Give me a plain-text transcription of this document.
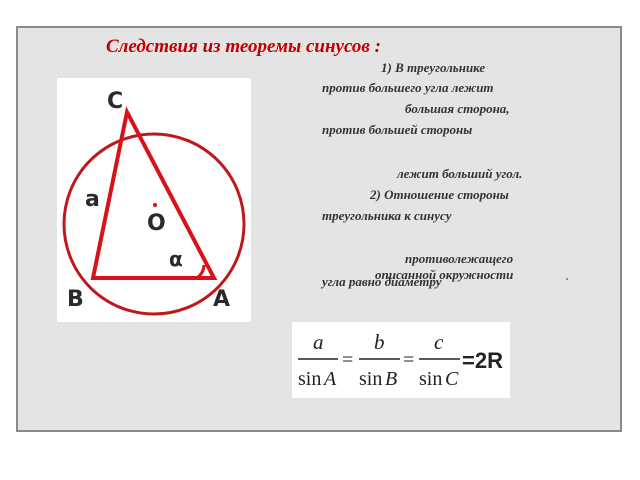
Следствия из теоремы синусов :
C
B	A
a
O
α
1) В треугольнике
против большего угла лежит
большая сторона,
против большей стороны
лежит больший угол.
2) Отношение стороны
треугольника к синусу
противолежащего
угла равно диаметру
описанной окружности	.
a
sin A
=
b
sin B
=
c
sin C
=2R
